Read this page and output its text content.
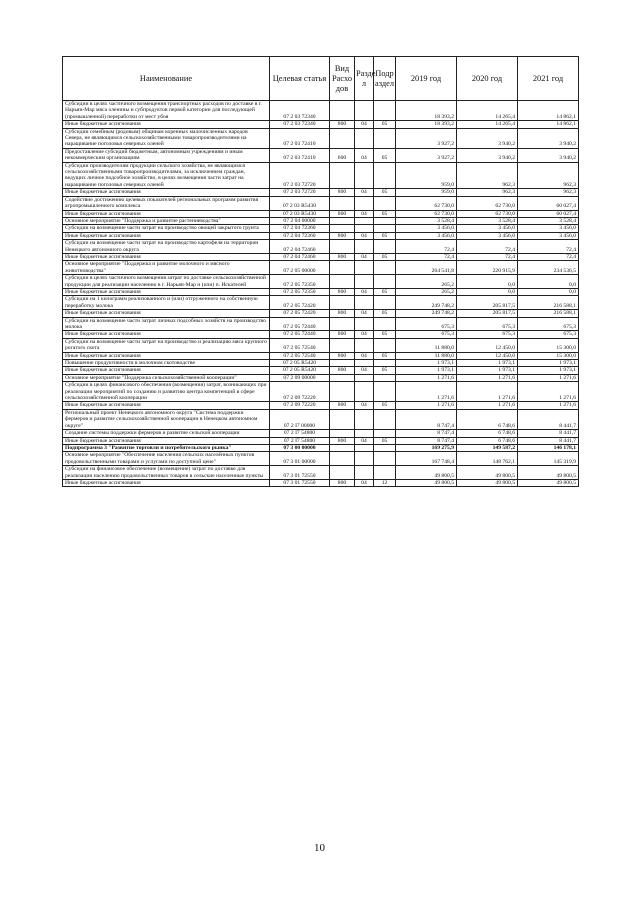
Наименование	Целевая статья	Вид Расхо дов	Разде л	Подр аздел	2019 год	2020 год	2021 год
Субсидии в целях частичного возмещения транспортных расходов по доставке в г. Нарьян-Мар мяса оленины и субпродуктов первой категории для последующей (промышленной) переработки от мест убоя	07 2 03 72340				18 393,2	14 265,4	14 862,1
Иные бюджетные ассигнования	07 2 03 72340	800	04	05	18 393,2	14 265,4	14 862,1
Субсидии семейным (родовым) общинам коренных малочисленных народов Севера, не являющимся сельскохозяйственными товаропроизводителями на наращивание поголовья северных оленей	07 2 03 72410				3 927,2	3 940,2	3 940,2
Предоставление субсидий бюджетным, автономным учреждениям и иным некоммерческим организациям	07 2 03 72410	600	04	05	3 927,2	3 940,2	3 940,2
Субсидии производителям продукции сельского хозяйства, не являющимся сельскохозяйственными товаропроизводителями, за исключением граждан, ведущих личное подсобное хозяйство, в целях возмещения части затрат на наращивание поголовья северных оленей	07 2 03 72720				959,0	962,3	962,3
Иные бюджетные ассигнования	07 2 03 72720	800	04	05	959,0	962,3	962,3
Содействие достижению целевых показателей региональных программ развития агропромышленного комплекса	07 2 03 R5430				62 730,0	62 730,0	60 027,4
Иные бюджетные ассигнования	07 2 03 R5430	800	04	05	62 730,0	62 730,0	60 027,4
Основное мероприятие "Поддержка и развитие растениеводства"	07 2 04 00000				3 528,4	3 528,4	3 528,4
Субсидии на возмещение части затрат на производство овощей закрытого грунта	07 2 04 72360				3 456,0	3 456,0	3 456,0
Иные бюджетные ассигнования	07 2 04 72360	800	04	05	3 456,0	3 456,0	3 456,0
Субсидии на возмещение части затрат на производство картофеля на территории Ненецкого автономного округа	07 2 04 72460				72,4	72,4	72,4
Иные бюджетные ассигнования	07 2 04 72460	800	04	05	72,4	72,4	72,4
Основное мероприятие "Поддержка и развитие молочного и мясного животноводства"	07 2 05 00000				264 541,8	220 915,9	234 536,5
Субсидии в целях частичного возмещения затрат по доставке сельскохозяйственной продукции для реализации населению в г. Нарьян-Мар и (или) п. Искателей	07 2 05 72350				265,2	0,0	0,0
Иные бюджетные ассигнования	07 2 05 72350	800	04	05	265,2	0,0	0,0
Субсидии на 1 килограмм реализованного и (или) отгруженного на собственную переработку молока	07 2 05 72420				249 748,2	205 817,5	216 588,1
Иные бюджетные ассигнования	07 2 05 72420	800	04	05	249 748,2	205 817,5	216 588,1
Субсидии на возмещение части затрат личных подсобных хозяйств на производство молока	07 2 05 72440				675,3	675,3	675,3
Иные бюджетные ассигнования	07 2 05 72440	800	04	05	675,3	675,3	675,3
Субсидии на возмещение части затрат на производство и реализацию мяса крупного рогатого скота	07 2 05 72540				11 880,0	12 450,0	15 300,0
Иные бюджетные ассигнования	07 2 05 72540	800	04	05	11 880,0	12 450,0	15 300,0
Повышение продуктивности в молочном скотоводстве	07 2 05 R5420				1 973,1	1 973,1	1 973,1
Иные бюджетные ассигнования	07 2 05 R5420	800	04	05	1 973,1	1 973,1	1 973,1
Основное мероприятие "Поддержка сельскохозяйственной кооперации"	07 2 09 00000				1 271,6	1 271,6	1 271,6
Субсидии в целях финансового обеспечения (возмещения) затрат, возникающих при реализации мероприятий по созданию и развитию центра компетенций в сфере сельскохозяйственной кооперации	07 2 09 72220				1 271,6	1 271,6	1 271,6
Иные бюджетные ассигнования	07 2 09 72220	800	04	05	1 271,6	1 271,6	1 271,6
Региональный проект Ненецкого автономного округа "Система поддержки фермеров и развитие сельскохозяйственной кооперации в Ненецком автономном округе"	07 2 I7 00000				8 747,4	6 748,6	8 441,7
Создание системы поддержки фермеров и развитие сельской кооперации	07 2 I7 54800				8 747,4	6 748,6	8 441,7
Иные бюджетные ассигнования	07 2 I7 54800	800	04	05	8 747,4	6 748,6	8 441,7
Подпрограмма 3 "Развитие торговли и потребительского рынка"	07 3 00 00000				169 275,9	149 587,2	146 178,1
Основное мероприятие "Обеспечение населения сельских населённых пунктов продовольственными товарами и услугами по доступной цене"	07 3 01 00000				167 748,4	148 762,1	145 319,9
Субсидии на финансовое обеспечение (возмещение) затрат по доставке для реализации населению продовольственных товаров в сельские населенные пункты	07 3 01 72550				49 800,5	49 800,5	49 800,5
Иные бюджетные ассигнования	07 3 01 72550	800	04	12	49 800,5	49 800,5	49 800,5
10
